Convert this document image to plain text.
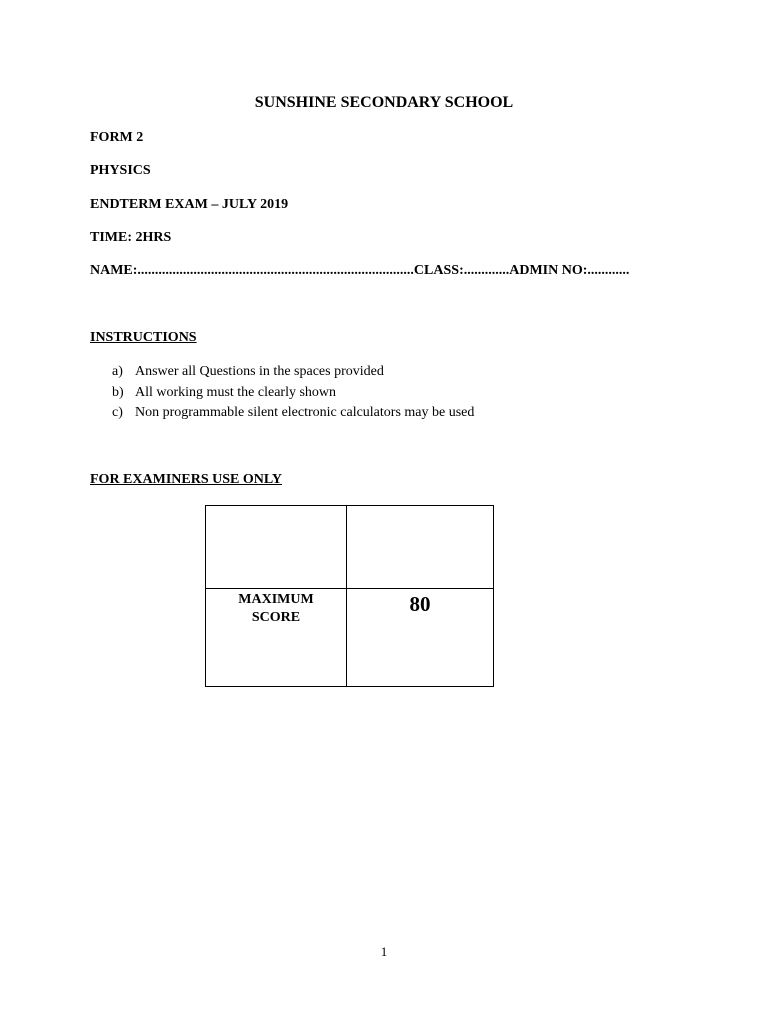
SUNSHINE SECONDARY SCHOOL
FORM 2
PHYSICS
ENDTERM EXAM – JULY 2019
TIME: 2HRS
NAME:...............................................................................CLASS:.............ADMIN NO:............
INSTRUCTIONS
a) Answer all Questions in the spaces provided
b) All working must the clearly shown
c) Non programmable silent electronic calculators may be used
FOR EXAMINERS USE ONLY

MAXIMUM
SCORE	80
1
